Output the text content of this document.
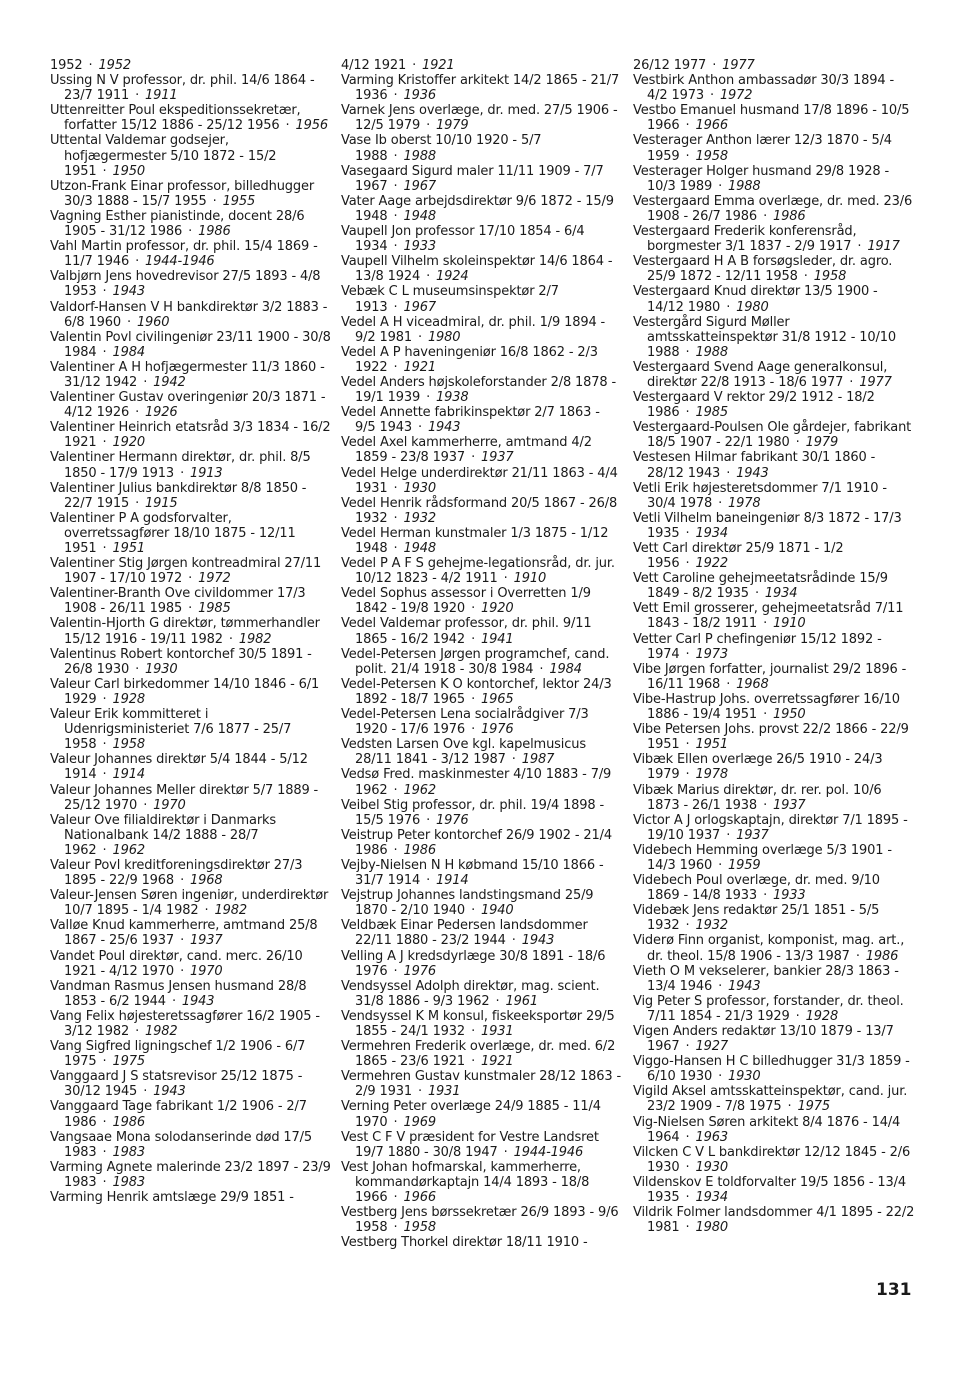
1952 · 1952

Ussing N V professor, dr. phil. 14/6 1864 - 23/7 1911 · 1911

Uttenreitter Poul ekspeditionssekretær, forfatter 15/12 1886 - 25/12 1956 · 1956

Uttental Valdemar godsejer, hofjægermester 5/10 1872 - 15/2 1951 · 1950

Utzon-Frank Einar professor, billedhugger 30/3 1888 - 15/7 1955 · 1955

Vagning Esther pianistinde, docent 28/6 1905 - 31/12 1986 · 1986

Vahl Martin professor, dr. phil. 15/4 1869 - 11/7 1946 · 1944-1946

Valbjørn Jens hovedrevisor 27/5 1893 - 4/8 1953 · 1943

Valdorf-Hansen V H bankdirektør 3/2 1883 - 6/8 1960 · 1960

Valentin Povl civilingeniør 23/11 1900 - 30/8 1984 · 1984

Valentiner A H hofjægermester 11/3 1860 - 31/12 1942 · 1942

Valentiner Gustav overingeniør 20/3 1871 - 4/12 1926 · 1926

Valentiner Heinrich etatsråd 3/3 1834 - 16/2 1921 · 1920

Valentiner Hermann direktør, dr. phil. 8/5 1850 - 17/9 1913 · 1913

Valentiner Julius bankdirektør 8/8 1850 - 22/7 1915 · 1915

Valentiner P A godsforvalter, overretssagfører 18/10 1875 - 12/11 1951 · 1951

Valentiner Stig Jørgen kontreadmiral 27/11 1907 - 17/10 1972 · 1972

Valentiner-Branth Ove civildommer 17/3 1908 - 26/11 1985 · 1985

Valentin-Hjorth G direktør, tømmerhandler 15/12 1916 - 19/11 1982 · 1982

Valentinus Robert kontorchef 30/5 1891 - 26/8 1930 · 1930

Valeur Carl birkedommer 14/10 1846 - 6/1 1929 · 1928

Valeur Erik kommitteret i Udenrigsministeriet 7/6 1877 - 25/7 1958 · 1958

Valeur Johannes direktør 5/4 1844 - 5/12 1914 · 1914

Valeur Johannes Meller direktør 5/7 1889 - 25/12 1970 · 1970

Valeur Ove filialdirektør i Danmarks Nationalbank 14/2 1888 - 28/7 1962 · 1962

Valeur Povl kreditforeningsdirektør 27/3 1895 - 22/9 1968 · 1968

Valeur-Jensen Søren ingeniør, underdirektør 10/7 1895 - 1/4 1982 · 1982

Valløe Knud kammerherre, amtmand 25/8 1867 - 25/6 1937 · 1937

Vandet Poul direktør, cand. merc. 26/10 1921 - 4/12 1970 · 1970

Vandman Rasmus Jensen husmand 28/8 1853 - 6/2 1944 · 1943

Vang Felix højesteretssagfører 16/2 1905 - 3/12 1982 · 1982

Vang Sigfred ligningschef 1/2 1906 - 6/7 1975 · 1975

Vanggaard J S statsrevisor 25/12 1875 - 30/12 1945 · 1943

Vanggaard Tage fabrikant 1/2 1906 - 2/7 1986 · 1986

Vangsaae Mona solodanserinde død 17/5 1983 · 1983

Varming Agnete malerinde 23/2 1897 - 23/9 1983 · 1983

Varming Henrik amtslæge 29/9 1851 -

4/12 1921 · 1921

Varming Kristoffer arkitekt 14/2 1865 - 21/7 1936 · 1936

Varnek Jens overlæge, dr. med. 27/5 1906 - 12/5 1979 · 1979

Vase Ib oberst 10/10 1920 - 5/7 1988 · 1988

Vasegaard Sigurd maler 11/11 1909 - 7/7 1967 · 1967

Vater Aage arbejdsdirektør 9/6 1872 - 15/9 1948 · 1948

Vaupell Jon professor 17/10 1854 - 6/4 1934 · 1933

Vaupell Vilhelm skoleinspektør 14/6 1864 - 13/8 1924 · 1924

Vebæk C L museumsinspektør 2/7 1913 · 1967

Vedel A H viceadmiral, dr. phil. 1/9 1894 - 9/2 1981 · 1980

Vedel A P haveningeniør 16/8 1862 - 2/3 1922 · 1921

Vedel Anders højskoleforstander 2/8 1878 - 19/1 1939 · 1938

Vedel Annette fabrikinspektør 2/7 1863 - 9/5 1943 · 1943

Vedel Axel kammerherre, amtmand 4/2 1859 - 23/8 1937 · 1937

Vedel Helge underdirektør 21/11 1863 - 4/4 1931 · 1930

Vedel Henrik rådsformand 20/5 1867 - 26/8 1932 · 1932

Vedel Herman kunstmaler 1/3 1875 - 1/12 1948 · 1948

Vedel P A F S gehejme-legationsråd, dr. jur. 10/12 1823 - 4/2 1911 · 1910

Vedel Sophus assessor i Overretten 1/9 1842 - 19/8 1920 · 1920

Vedel Valdemar professor, dr. phil. 9/11 1865 - 16/2 1942 · 1941

Vedel-Petersen Jørgen programchef, cand. polit. 21/4 1918 - 30/8 1984 · 1984

Vedel-Petersen K O kontorchef, lektor 24/3 1892 - 18/7 1965 · 1965

Vedel-Petersen Lena socialrådgiver 7/3 1920 - 17/6 1976 · 1976

Vedsten Larsen Ove kgl. kapelmusicus 28/11 1841 - 3/12 1987 · 1987

Vedsø Fred. maskinmester 4/10 1883 - 7/9 1962 · 1962

Veibel Stig professor, dr. phil. 19/4 1898 - 15/5 1976 · 1976

Veistrup Peter kontorchef 26/9 1902 - 21/4 1986 · 1986

Vejby-Nielsen N H købmand 15/10 1866 - 31/7 1914 · 1914

Vejstrup Johannes landstingsmand 25/9 1870 - 2/10 1940 · 1940

Veldbæk Einar Pedersen landsdommer 22/11 1880 - 23/2 1944 · 1943

Velling A J kredsdyrlæge 30/8 1891 - 18/6 1976 · 1976

Vendsyssel Adolph direktør, mag. scient. 31/8 1886 - 9/3 1962 · 1961

Vendsyssel K M konsul, fiskeeksportør 29/5 1855 - 24/1 1932 · 1931

Vermehren Frederik overlæge, dr. med. 6/2 1865 - 23/6 1921 · 1921

Vermehren Gustav kunstmaler 28/12 1863 - 2/9 1931 · 1931

Verning Peter overlæge 24/9 1885 - 11/4 1970 · 1969

Vest C F V præsident for Vestre Landsret 19/7 1880 - 30/8 1947 · 1944-1946

Vest Johan hofmarskal, kammerherre, kommandørkaptajn 14/4 1893 - 18/8 1966 · 1966

Vestberg Jens børssekretær 26/9 1893 - 9/6 1958 · 1958

Vestberg Thorkel direktør 18/11 1910 -

26/12 1977 · 1977

Vestbirk Anthon ambassadør 30/3 1894 - 4/2 1973 · 1972

Vestbo Emanuel husmand 17/8 1896 - 10/5 1966 · 1966

Vesterager Anthon lærer 12/3 1870 - 5/4 1959 · 1958

Vesterager Holger husmand 29/8 1928 - 10/3 1989 · 1988

Vestergaard Emma overlæge, dr. med. 23/6 1908 - 26/7 1986 · 1986

Vestergaard Frederik konferensråd, borgmester 3/1 1837 - 2/9 1917 · 1917

Vestergaard H A B forsøgsleder, dr. agro. 25/9 1872 - 12/11 1958 · 1958

Vestergaard Knud direktør 13/5 1900 - 14/12 1980 · 1980

Vestergård Sigurd Møller amtsskatteinspektør 31/8 1912 - 10/10 1988 · 1988

Vestergaard Svend Aage generalkonsul, direktør 22/8 1913 - 18/6 1977 · 1977

Vestergaard V rektor 29/2 1912 - 18/2 1986 · 1985

Vestergaard-Poulsen Ole gårdejer, fabrikant 18/5 1907 - 22/1 1980 · 1979

Vestesen Hilmar fabrikant 30/1 1860 - 28/12 1943 · 1943

Vetli Erik højesteretsdommer 7/1 1910 - 30/4 1978 · 1978

Vetli Vilhelm baneingeniør 8/3 1872 - 17/3 1935 · 1934

Vett Carl direktør 25/9 1871 - 1/2 1956 · 1922

Vett Caroline gehejmeetatsrådinde 15/9 1849 - 8/2 1935 · 1934

Vett Emil grosserer, gehejmeetatsråd 7/11 1843 - 18/2 1911 · 1910

Vetter Carl P chefingeniør 15/12 1892 - 1974 · 1973

Vibe Jørgen forfatter, journalist 29/2 1896 - 16/11 1968 · 1968

Vibe-Hastrup Johs. overretssagfører 16/10 1886 - 19/4 1951 · 1950

Vibe Petersen Johs. provst 22/2 1866 - 22/9 1951 · 1951

Vibæk Ellen overlæge 26/5 1910 - 24/3 1979 · 1978

Vibæk Marius direktør, dr. rer. pol. 10/6 1873 - 26/1 1938 · 1937

Victor A J orlogskaptajn, direktør 7/1 1895 - 19/10 1937 · 1937

Videbech Hemming overlæge 5/3 1901 - 14/3 1960 · 1959

Videbech Poul overlæge, dr. med. 9/10 1869 - 14/8 1933 · 1933

Videbæk Jens redaktør 25/1 1851 - 5/5 1932 · 1932

Viderø Finn organist, komponist, mag. art., dr. theol. 15/8 1906 - 13/3 1987 · 1986

Vieth O M vekselerer, bankier 28/3 1863 - 13/4 1946 · 1943

Vig Peter S professor, forstander, dr. theol. 7/11 1854 - 21/3 1929 · 1928

Vigen Anders redaktør 13/10 1879 - 13/7 1967 · 1927

Viggo-Hansen H C billedhugger 31/3 1859 - 6/10 1930 · 1930

Vigild Aksel amtsskatteinspektør, cand. jur. 23/2 1909 - 7/8 1975 · 1975

Vig-Nielsen Søren arkitekt 8/4 1876 - 14/4 1964 · 1963

Vilcken C V L bankdirektør 12/12 1845 - 2/6 1930 · 1930

Vildenskov E toldforvalter 19/5 1856 - 13/4 1935 · 1934

Vildrik Folmer landsdommer 4/1 1895 - 22/2 1981 · 1980

131
